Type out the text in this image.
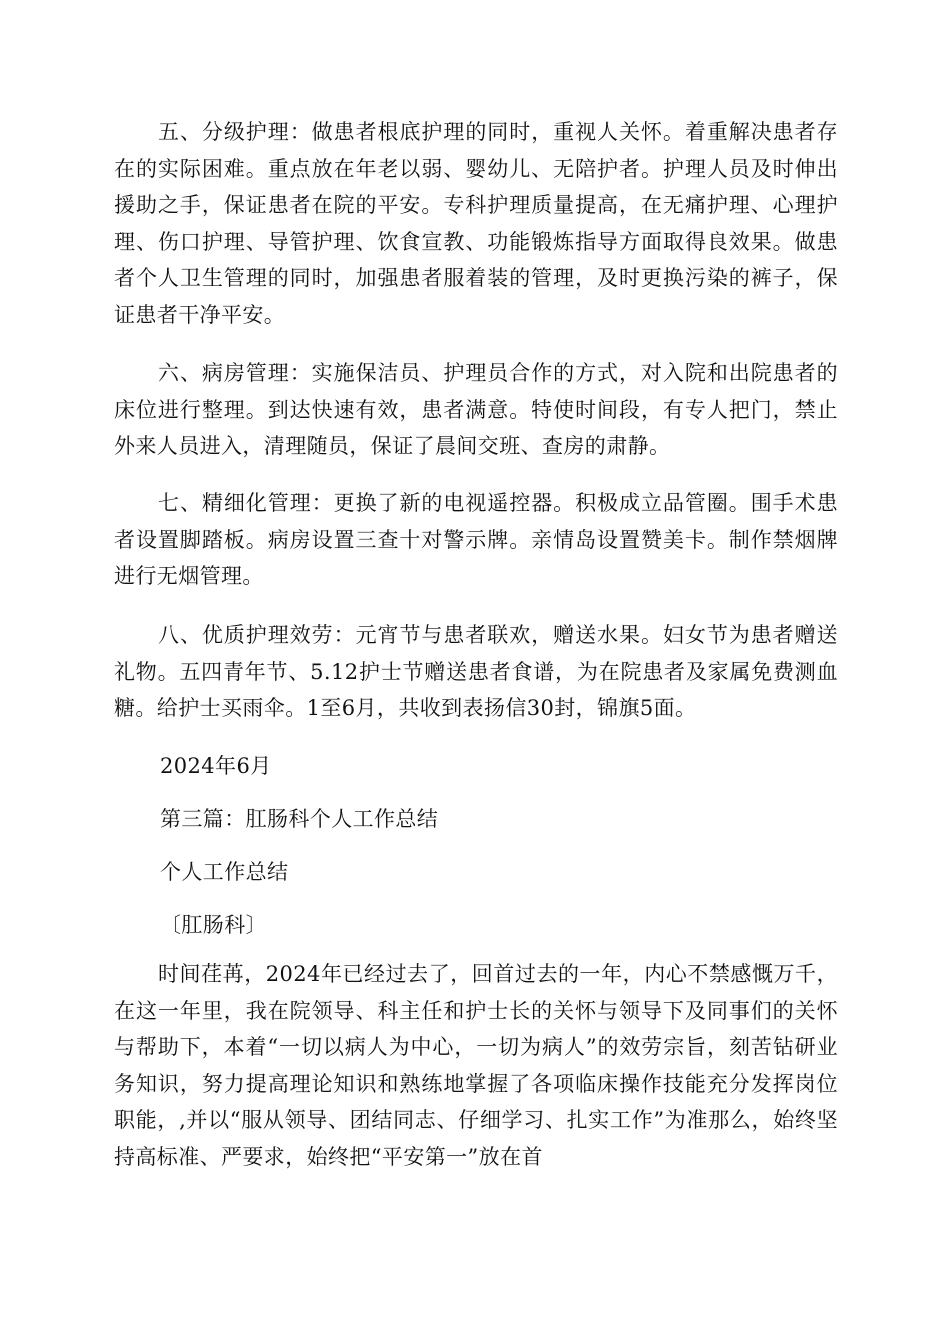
五、分级护理：做患者根底护理的同时，重视人关怀。着重解决患者存在的实际困难。重点放在年老以弱、婴幼儿、无陪护者。护理人员及时伸出援助之手，保证患者在院的平安。专科护理质量提高，在无痛护理、心理护理、伤口护理、导管护理、饮食宣教、功能锻炼指导方面取得良效果。做患者个人卫生管理的同时，加强患者服着装的管理，及时更换污染的裤子，保证患者干净平安。

六、病房管理：实施保洁员、护理员合作的方式，对入院和出院患者的床位进行整理。到达快速有效，患者满意。特使时间段，有专人把门，禁止外来人员进入，清理随员，保证了晨间交班、查房的肃静。

七、精细化管理：更换了新的电视遥控器。积极成立品管圈。围手术患者设置脚踏板。病房设置三查十对警示牌。亲情岛设置赞美卡。制作禁烟牌进行无烟管理。

八、优质护理效劳：元宵节与患者联欢，赠送水果。妇女节为患者赠送礼物。五四青年节、5.12护士节赠送患者食谱，为在院患者及家属免费测血糖。给护士买雨伞。1至6月，共收到表扬信30封，锦旗5面。

2024年6月

第三篇：肛肠科个人工作总结

个人工作总结

〔肛肠科〕

时间荏苒，2024年已经过去了，回首过去的一年，内心不禁感慨万千，在这一年里，我在院领导、科主任和护士长的关怀与领导下及同事们的关怀与帮助下，本着“一切以病人为中心，一切为病人”的效劳宗旨，刻苦钻研业务知识，努力提高理论知识和熟练地掌握了各项临床操作技能充分发挥岗位职能，,并以“服从领导、团结同志、仔细学习、扎实工作”为准那么，始终坚持高标准、严要求，始终把“平安第一”放在首
